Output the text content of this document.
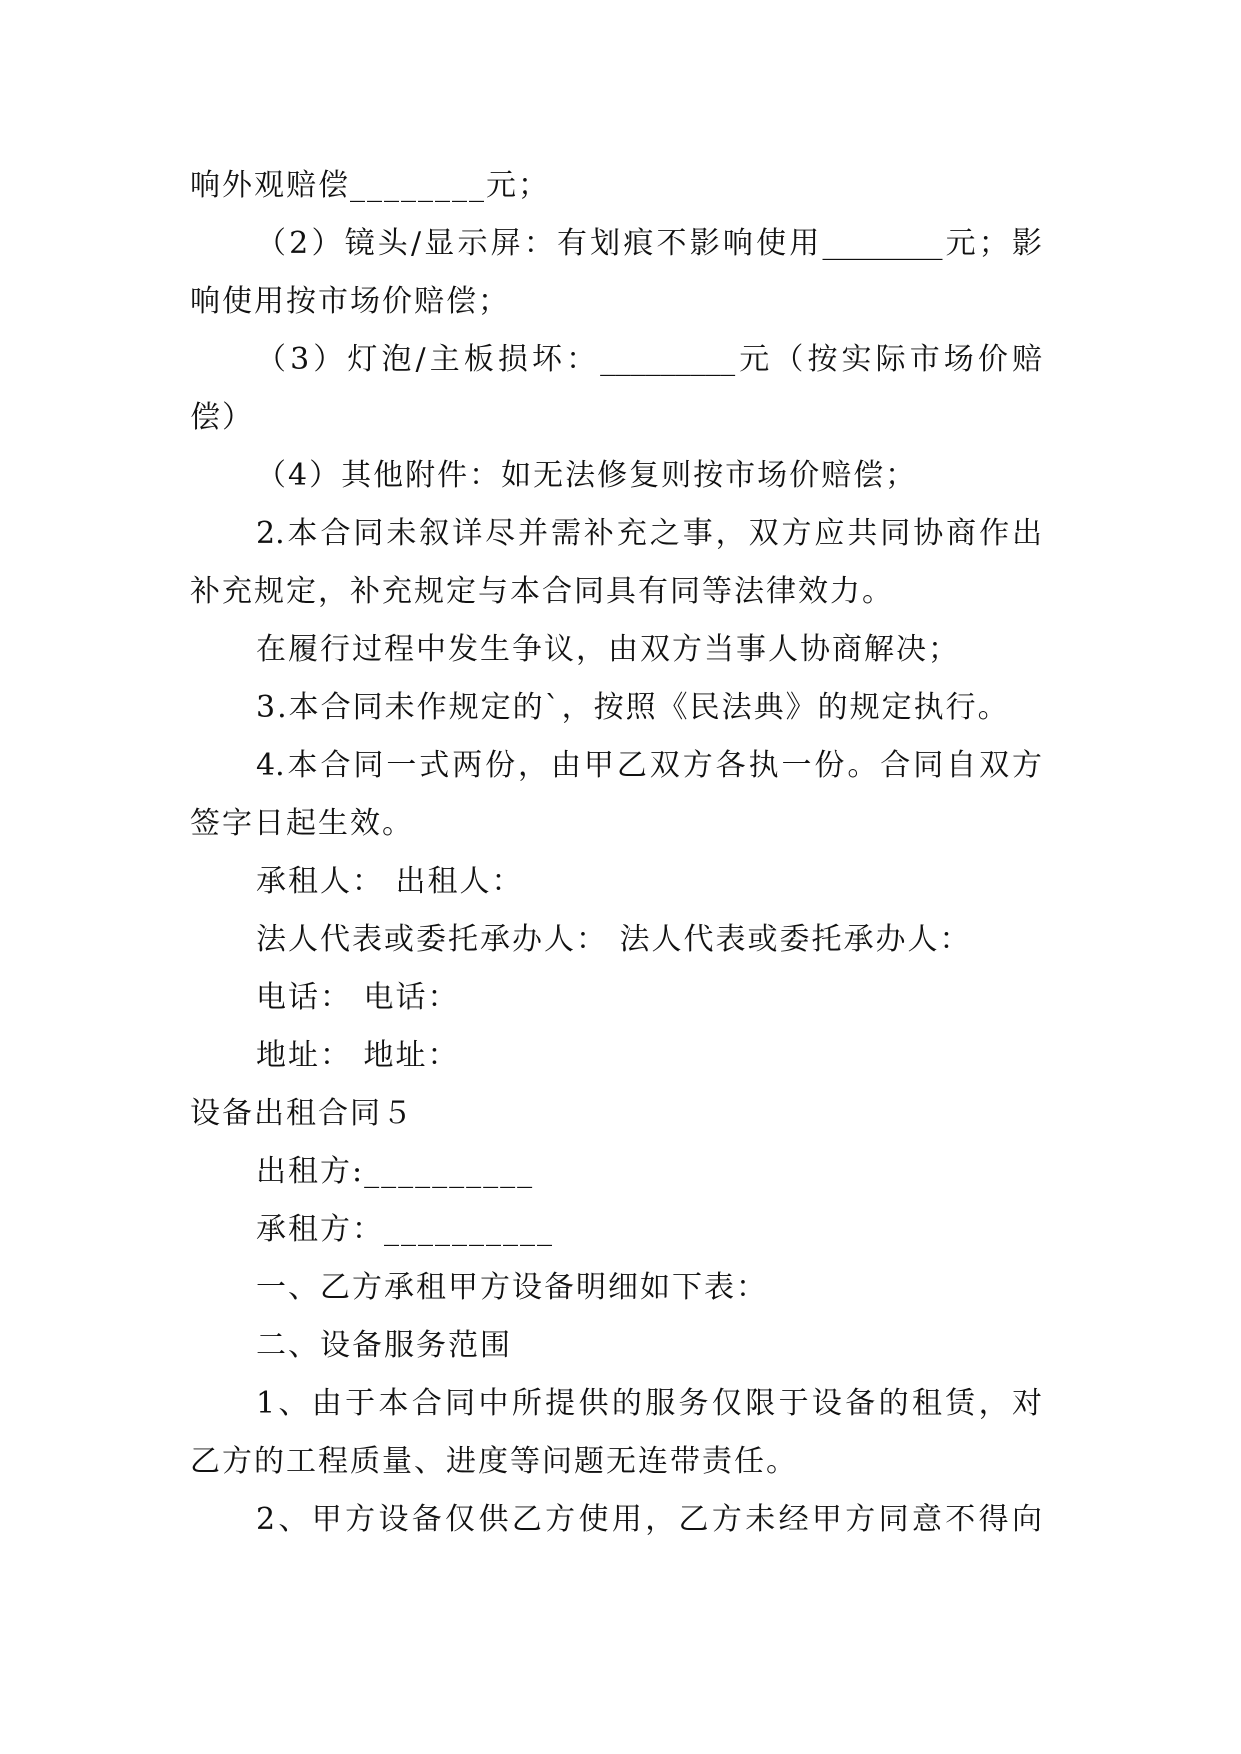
响外观赔偿________元；
（2）镜头/显示屏：有划痕不影响使用________元；影
响使用按市场价赔偿；
（3）灯泡/主板损坏：_________元（按实际市场价赔
偿）
（4）其他附件：如无法修复则按市场价赔偿；
2.本合同未叙详尽并需补充之事，双方应共同协商作出
补充规定，补充规定与本合同具有同等法律效力。
在履行过程中发生争议，由双方当事人协商解决；
3.本合同未作规定的`，按照《民法典》的规定执行。
4.本合同一式两份，由甲乙双方各执一份。合同自双方
签字日起生效。
承租人： 出租人：
法人代表或委托承办人： 法人代表或委托承办人：
电话： 电话：
地址： 地址：
设备出租合同５
出租方:__________
承租方：__________
一、乙方承租甲方设备明细如下表：
二、设备服务范围
1、由于本合同中所提供的服务仅限于设备的租赁，对
乙方的工程质量、进度等问题无连带责任。
2、甲方设备仅供乙方使用，乙方未经甲方同意不得向
